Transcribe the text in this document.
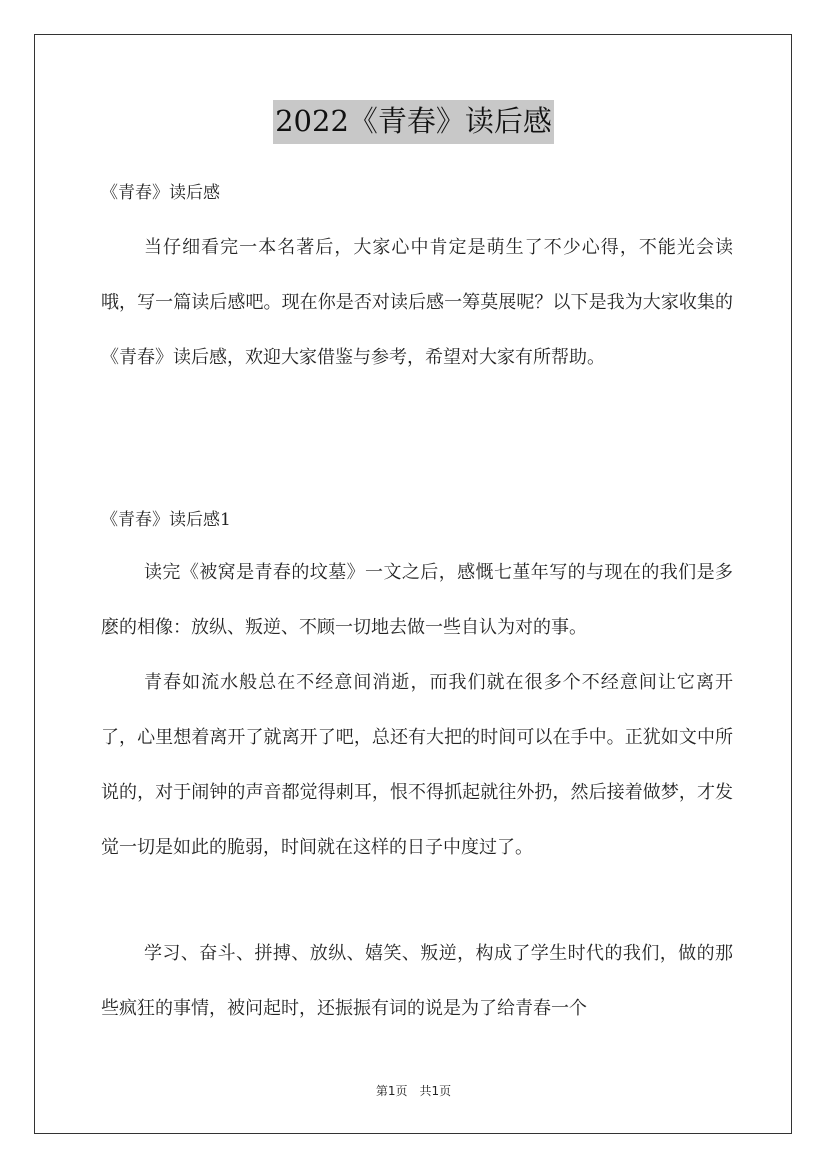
2022《青春》读后感
《青春》读后感

当仔细看完一本名著后，大家心中肯定是萌生了不少心得，不能光会读哦，写一篇读后感吧。现在你是否对读后感一筹莫展呢？以下是我为大家收集的《青春》读后感，欢迎大家借鉴与参考，希望对大家有所帮助。

《青春》读后感1

读完《被窝是青春的坟墓》一文之后，感慨七堇年写的与现在的我们是多麽的相像：放纵、叛逆、不顾一切地去做一些自认为对的事。

青春如流水般总在不经意间消逝，而我们就在很多个不经意间让它离开了，心里想着离开了就离开了吧，总还有大把的时间可以在手中。正犹如文中所说的，对于闹钟的声音都觉得刺耳，恨不得抓起就往外扔，然后接着做梦，才发觉一切是如此的脆弱，时间就在这样的日子中度过了。

学习、奋斗、拼搏、放纵、嬉笑、叛逆，构成了学生时代的我们，做的那些疯狂的事情，被问起时，还振振有词的说是为了给青春一个

第1页　共1页
